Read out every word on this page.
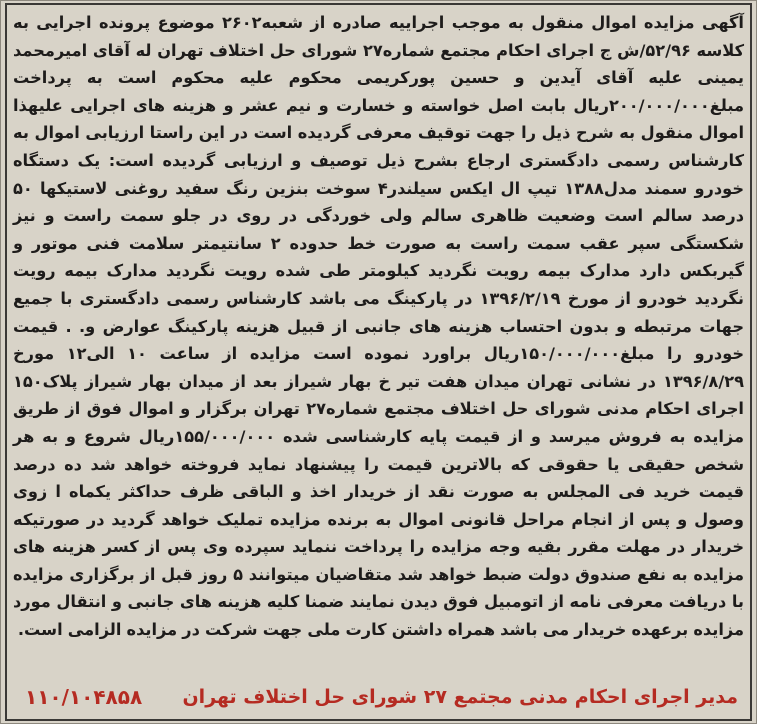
آگهی مزایده اموال منقول به موجب اجراییه صادره از شعبه۲۶۰۲ موضوع پرونده اجرایی به کلاسه ۵۲/۹۶/ش ج اجرای احکام مجتمع شماره۲۷ شورای حل اختلاف تهران له آقای امیرمحمد یمینی علیه آقای آیدین و حسین پورکریمی محکوم علیه محکوم است به پرداخت مبلغ۲۰۰/۰۰۰/۰۰۰ریال بابت اصل خواسته و خسارت و نیم عشر و هزینه های اجرایی علیهذا اموال منقول به شرح ذیل را جهت توقیف معرفی گردیده است در این راستا ارزیابی اموال به کارشناس رسمی دادگستری ارجاع بشرح ذیل توصیف و ارزیابی گردیده است: یک دستگاه خودرو سمند مدل۱۳۸۸ تیپ ال ایکس سیلندر۴ سوخت بنزین رنگ سفید روغنی لاستیکها ۵۰ درصد سالم است وضعیت ظاهری سالم ولی خوردگی در روی در جلو سمت راست و نیز شکستگی سپر عقب سمت راست به صورت خط حدوده ۲ سانتیمتر سلامت فنی موتور و گیربکس دارد مدارک بیمه رویت نگردید کیلومتر طی شده رویت نگردید مدارک بیمه رویت نگردید خودرو از مورخ ۱۳۹۶/۲/۱۹ در پارکینگ می باشد کارشناس رسمی دادگستری با جمیع جهات مرتبطه و بدون احتساب هزینه های جانبی از قبیل هزینه پارکینگ عوارض و. . قیمت خودرو را مبلغ۱۵۰/۰۰۰/۰۰۰ریال براورد نموده است مزایده از ساعت ۱۰ الی۱۲ مورخ ۱۳۹۶/۸/۲۹ در نشانی تهران میدان هفت تیر خ بهار شیراز بعد از میدان بهار شیراز پلاک۱۵۰ اجرای احکام مدنی شورای حل اختلاف مجتمع شماره۲۷ تهران برگزار و اموال فوق از طریق مزایده به فروش میرسد و از قیمت پایه کارشناسی شده ۱۵۵/۰۰۰/۰۰۰ریال شروع و به هر شخص حقیقی یا حقوقی که بالاترین قیمت را پیشنهاد نماید فروخته خواهد شد ده درصد قیمت خرید فی المجلس به صورت نقد از خریدار اخذ و الباقی ظرف حداکثر یکماه ا زوی وصول و پس از انجام مراحل قانونی اموال به برنده مزایده تملیک خواهد گردید در صورتیکه خریدار در مهلت مقرر بقیه وجه مزایده را پرداخت ننماید سپرده وی پس از کسر هزینه های مزایده به نفع صندوق دولت ضبط خواهد شد متقاضیان میتوانند ۵ روز قبل از برگزاری مزایده با دریافت معرفی نامه از اتومبیل فوق دیدن نمایند ضمنا کلیه هزینه های جانبی و انتقال مورد مزایده برعهده خریدار می باشد همراه داشتن کارت ملی جهت شرکت در مزایده الزامی است.
مدیر اجرای احکام مدنی مجتمع ۲۷ شورای حل اختلاف تهران
۱۱۰/۱۰۴۸۵۸
